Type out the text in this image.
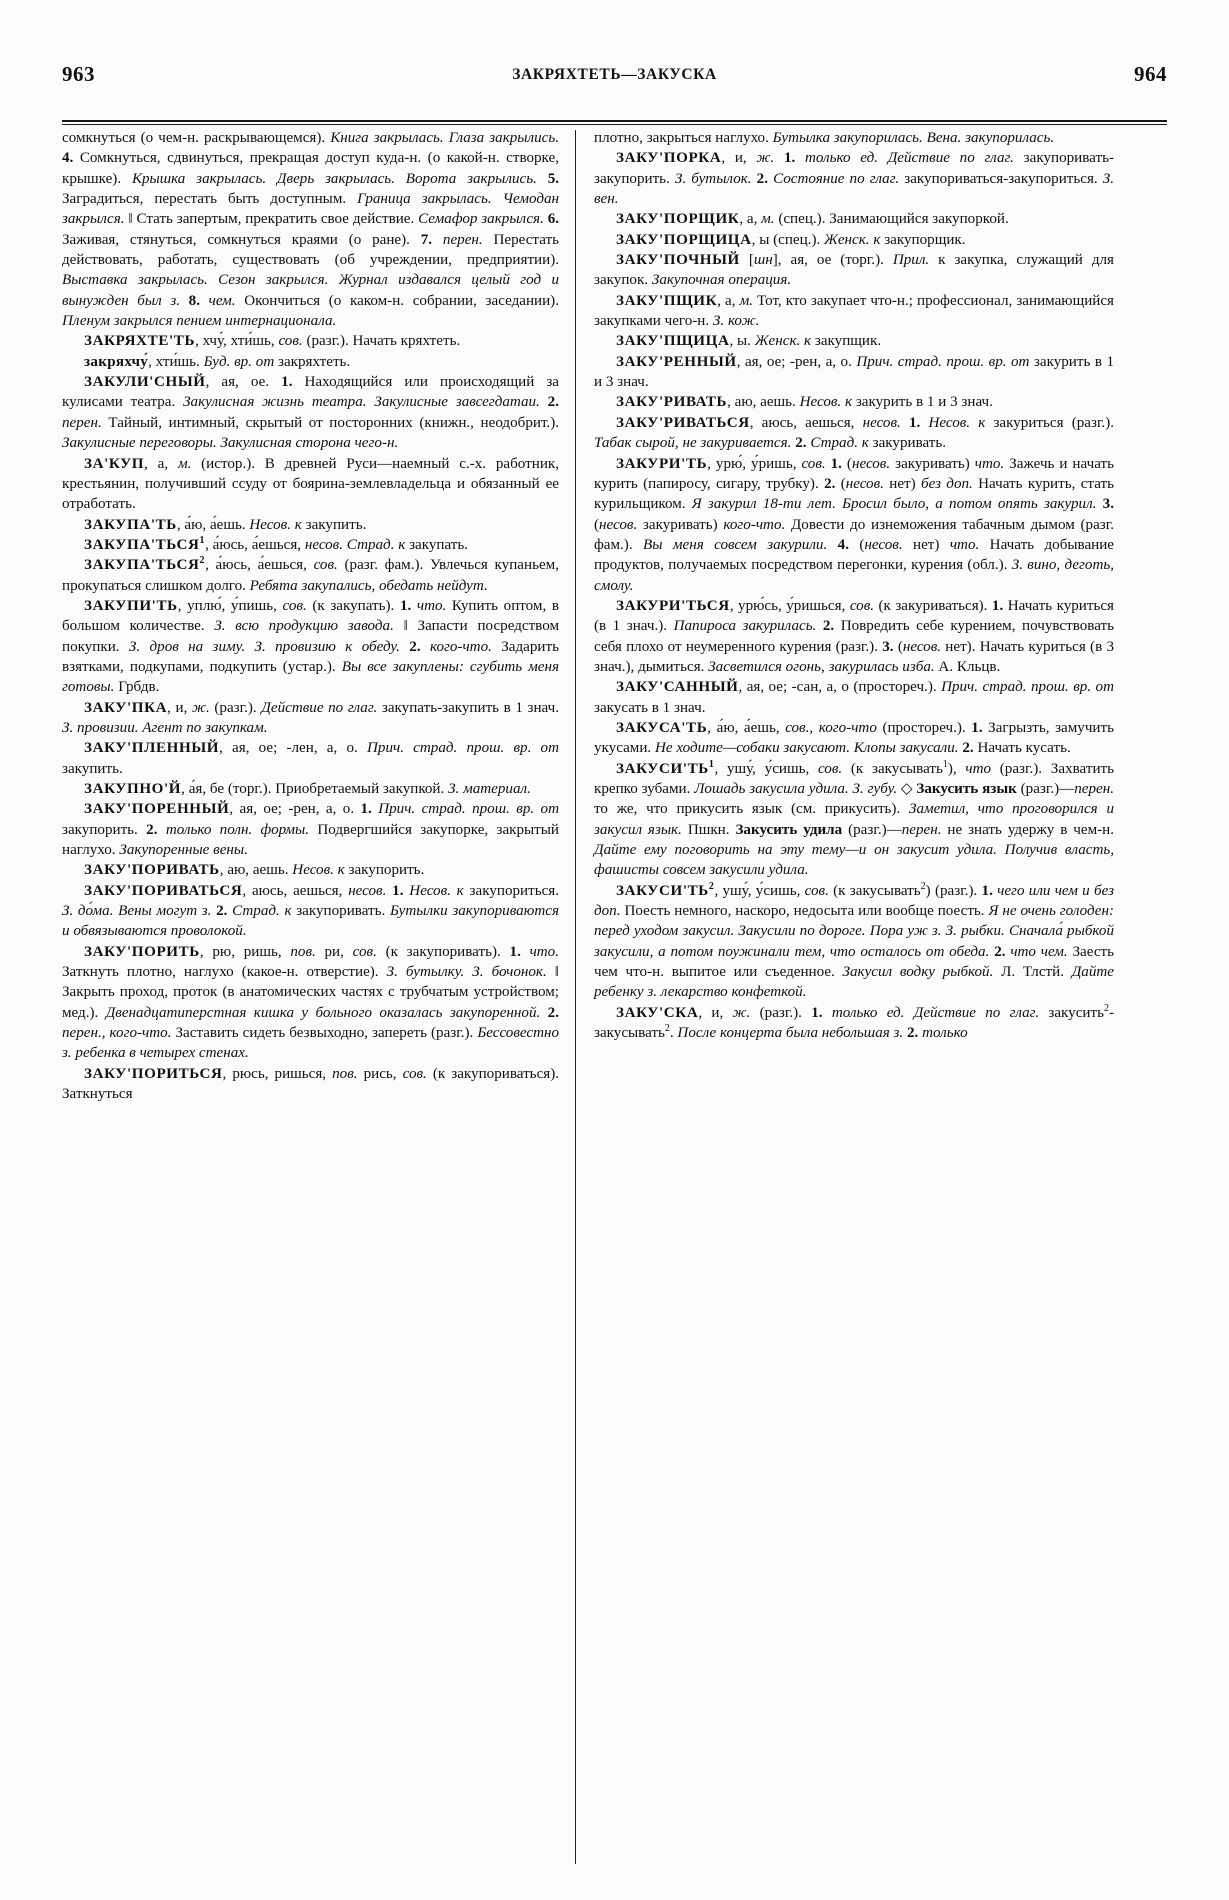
963	ЗАКРЯХТЕТЬ—ЗАКУСКА	964

сомкнуться (о чем-н. раскрывающемся). Книга закрылась. Глаза закрылись. 4. Сомкнуться, сдвинуться, прекращая доступ куда-н. (о какой-н. створке, крышке). Крышка закрылась. Дверь закрылась. Ворота закрылись. 5. Заградиться, перестать быть доступным. Граница закрылась. Чемодан закрылся. ‖ Стать запертым, прекратить свое действие. Семафор закрылся. 6. Заживая, стянуться, сомкнуться краями (о ране). 7. перен. Перестать действовать, работать, существовать (об учреждении, предприятии). Выставка закрылась. Сезон закрылся. Журнал издавался целый год и вынужден был з. 8. чем. Окончиться (о каком-н. собрании, заседании). Пленум закрылся пением интернационала.

ЗАКРЯХТЕ'ТЬ, хчу́, хти́шь, сов. (разг.). Начать кряхтеть.

закряхчу́, хти́шь. Буд. вр. от закряхтеть.

ЗАКУЛИ'СНЫЙ, ая, ое. 1. Находящийся или происходящий за кулисами театра. Закулисная жизнь театра. Закулисные завсегдатаи. 2. перен. Тайный, интимный, скрытый от посторонних (книжн., неодобрит.). Закулисные переговоры. Закулисная сторона чего-н.

ЗА'КУП, а, м. (истор.). В древней Руси—наемный с.-х. работник, крестьянин, получивший ссуду от боярина-землевладельца и обязанный ее отработать.

ЗАКУПА'ТЬ, а́ю, а́ешь. Несов. к закупить.

ЗАКУПА'ТЬСЯ$^1$, а́юсь, а́ешься, несов. Страд. к закупать.

ЗАКУПА'ТЬСЯ$^2$, а́юсь, а́ешься, сов. (разг. фам.). Увлечься купаньем, прокупаться слишком долго. Ребята закупались, обедать нейдут.

ЗАКУПИ'ТЬ, уплю́, у́пишь, сов. (к закупать). 1. что. Купить оптом, в большом количестве. З. всю продукцию завода. ‖ Запасти посредством покупки. З. дров на зиму. З. провизию к обеду. 2. кого-что. Задарить взятками, подкупами, подкупить (устар.). Вы все закуплены: сгубить меня готовы. Грбдв.

ЗАКУ'ПКА, и, ж. (разг.). Действие по глаг. закупать-закупить в 1 знач. З. провизии. Агент по закупкам.

ЗАКУ'ПЛЕННЫЙ, ая, ое; -лен, а, о. Прич. страд. прош. вр. от закупить.

ЗАКУПНО'Й, а́я, бе (торг.). Приобретаемый закупкой. З. материал.

ЗАКУ'ПОРЕННЫЙ, ая, ое; -рен, а, о. 1. Прич. страд. прош. вр. от закупорить. 2. только полн. формы. Подвергшийся закупорке, закрытый наглухо. Закупоренные вены.

ЗАКУ'ПОРИВАТЬ, аю, аешь. Несов. к закупорить.

ЗАКУ'ПОРИВАТЬСЯ, аюсь, аешься, несов. 1. Несов. к закупориться. З. до́ма. Вены могут з. 2. Страд. к закупоривать. Бутылки закупориваются и обвязываются проволокой.

ЗАКУ'ПОРИТЬ, рю, ришь, пов. ри, сов. (к закупоривать). 1. что. Заткнуть плотно, наглухо (какое-н. отверстие). З. бутылку. З. бочонок. ‖ Закрыть проход, проток (в анатомических частях с трубчатым устройством; мед.). Двенадцатиперстная кишка у больного оказалась закупоренной. 2. перен., кого-что. Заставить сидеть безвыходно, запереть (разг.). Бессовестно з. ребенка в четырех стенах.

ЗАКУ'ПОРИТЬСЯ, рюсь, ришься, пов. рись, сов. (к закупориваться). Заткнуться

плотно, закрыться наглухо. Бутылка закупорилась. Вена. закупорилась.

ЗАКУ'ПОРКА, и, ж. 1. только ед. Действие по глаг. закупоривать-закупорить. З. бутылок. 2. Состояние по глаг. закупориваться-закупориться. З. вен.

ЗАКУ'ПОРЩИК, а, м. (спец.). Занимающийся закупоркой.

ЗАКУ'ПОРЩИЦА, ы (спец.). Женск. к закупорщик.

ЗАКУ'ПОЧНЫЙ [шн], ая, ое (торг.). Прил. к закупка, служащий для закупок. Закупочная операция.

ЗАКУ'ПЩИК, а, м. Тот, кто закупает что-н.; профессионал, занимающийся закупками чего-н. З. кож.

ЗАКУ'ПЩИЦА, ы. Женск. к закупщик.

ЗАКУ'РЕННЫЙ, ая, ое; -рен, а, о. Прич. страд. прош. вр. от закурить в 1 и 3 знач.

ЗАКУ'РИВАТЬ, аю, аешь. Несов. к закурить в 1 и 3 знач.

ЗАКУ'РИВАТЬСЯ, аюсь, аешься, несов. 1. Несов. к закуриться (разг.). Табак сырой, не закуривается. 2. Страд. к закуривать.

ЗАКУРИ'ТЬ, урю́, у́ришь, сов. 1. (несов. закуривать) что. Зажечь и начать курить (папиросу, сигару, трубку). 2. (несов. нет) без доп. Начать курить, стать курильщиком. Я закурил 18-ти лет. Бросил было, а потом опять закурил. 3. (несов. закуривать) кого-что. Довести до изнеможения табачным дымом (разг. фам.). Вы меня совсем закурили. 4. (несов. нет) что. Начать добывание продуктов, получаемых посредством перегонки, курения (обл.). З. вино, деготь, смолу.

ЗАКУРИ'ТЬСЯ, урю́сь, у́ришься, сов. (к закуриваться). 1. Начать куриться (в 1 знач.). Папироса закурилась. 2. Повредить себе курением, почувствовать себя плохо от неумеренного курения (разг.). 3. (несов. нет). Начать куриться (в 3 знач.), дымиться. Засветился огонь, закурилась изба. А. Кльцв.

ЗАКУ'САННЫЙ, ая, ое; -сан, а, о (простореч.). Прич. страд. прош. вр. от закусать в 1 знач.

ЗАКУСА'ТЬ, а́ю, а́ешь, сов., кого-что (простореч.). 1. Загрызть, замучить укусами. Не ходите—собаки закусают. Клопы закусали. 2. Начать кусать.

$ЗАКУСИ'ТЬ^1$, ушу́, у́сишь, сов. (к закусывать$^1$), что (разг.). Захватить крепко зубами. Лошадь закусила удила. З. губу. ◇ Закусить язык (разг.)—перен. то же, что прикусить язык (см. прикусить). Заметил, что проговорился и закусил язык. Пшкн. Закусить удила (разг.)—перен. не знать удержу в чем-н. Дайте ему поговорить на эту тему—и он закусит удила. Получив власть, фашисты совсем закусили удила.

$ЗАКУСИ'ТЬ^2$, ушу́, у́сишь, сов. (к закусывать$^2$) (разг.). 1. чего или чем и без доп. Поесть немного, наскоро, недосыта или вообще поесть. Я не очень голоден: перед уходом закусил. Закусили по дороге. Пора уж з. З. рыбки. Сначала́ рыбкой закусили, а потом поужинали тем, что осталось от обеда. 2. что чем. Заесть чем что-н. выпитое или съеденное. Закусил водку рыбкой. Л. Тлстй. Дайте ребенку з. лекарство конфеткой.

ЗАКУ'СКА, и, ж. (разг.). 1. только ед. Действие по глаг. закусить$^2$-закусывать$^2$. После концерта была небольшая з. 2. только
